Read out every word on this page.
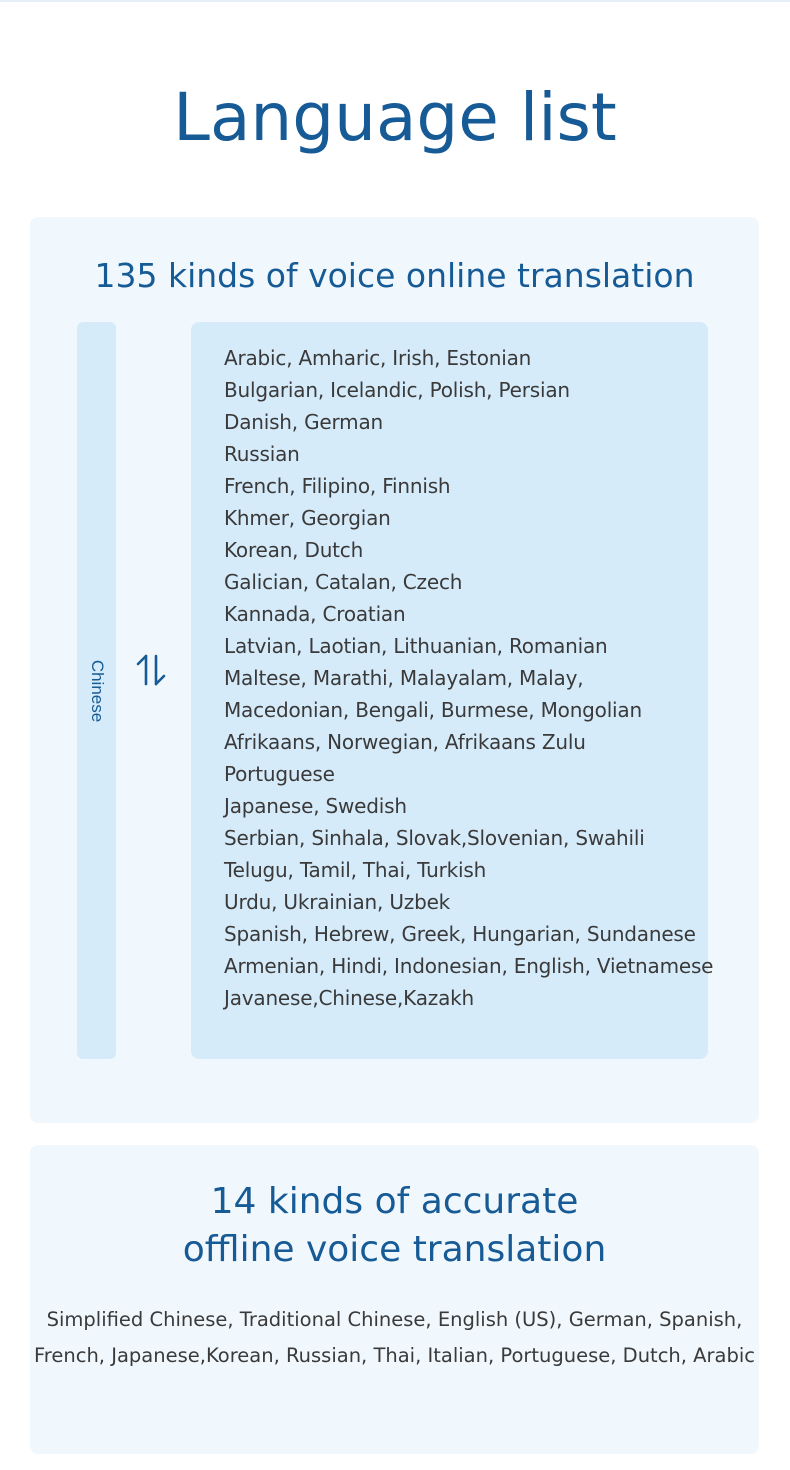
Language list
135 kinds of voice online translation
Chinese
Arabic, Amharic, Irish, Estonian
Bulgarian, Icelandic, Polish, Persian
Danish, German
Russian
French, Filipino, Finnish
Khmer, Georgian
Korean, Dutch
Galician, Catalan, Czech
Kannada, Croatian
Latvian, Laotian, Lithuanian, Romanian
Maltese, Marathi, Malayalam, Malay,
Macedonian, Bengali, Burmese, Mongolian
Afrikaans, Norwegian, Afrikaans Zulu
Portuguese
Japanese, Swedish
Serbian, Sinhala, Slovak,Slovenian, Swahili
Telugu, Tamil, Thai, Turkish
Urdu, Ukrainian, Uzbek
Spanish, Hebrew, Greek, Hungarian, Sundanese
Armenian, Hindi, Indonesian, English, Vietnamese
Javanese,Chinese,Kazakh
14 kinds of accurate
offline voice translation

Simplified Chinese, Traditional Chinese, English (US), German, Spanish,
French, Japanese,Korean, Russian, Thai, Italian, Portuguese, Dutch, Arabic
